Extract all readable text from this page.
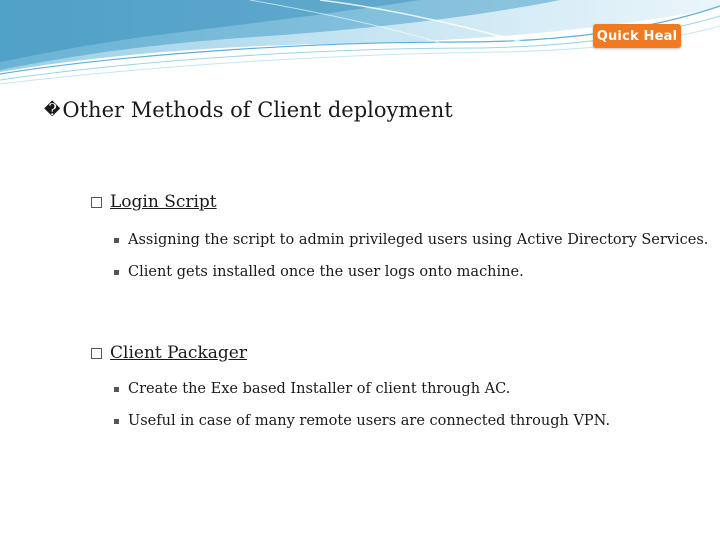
Quick Heal
�Other Methods of Client deployment
Login Script
Assigning the script to admin privileged users using Active Directory Services.
Client gets installed once the user logs onto machine.
Client Packager
Create the Exe based Installer of client through AC.
Useful in case of many remote users are connected through VPN.
